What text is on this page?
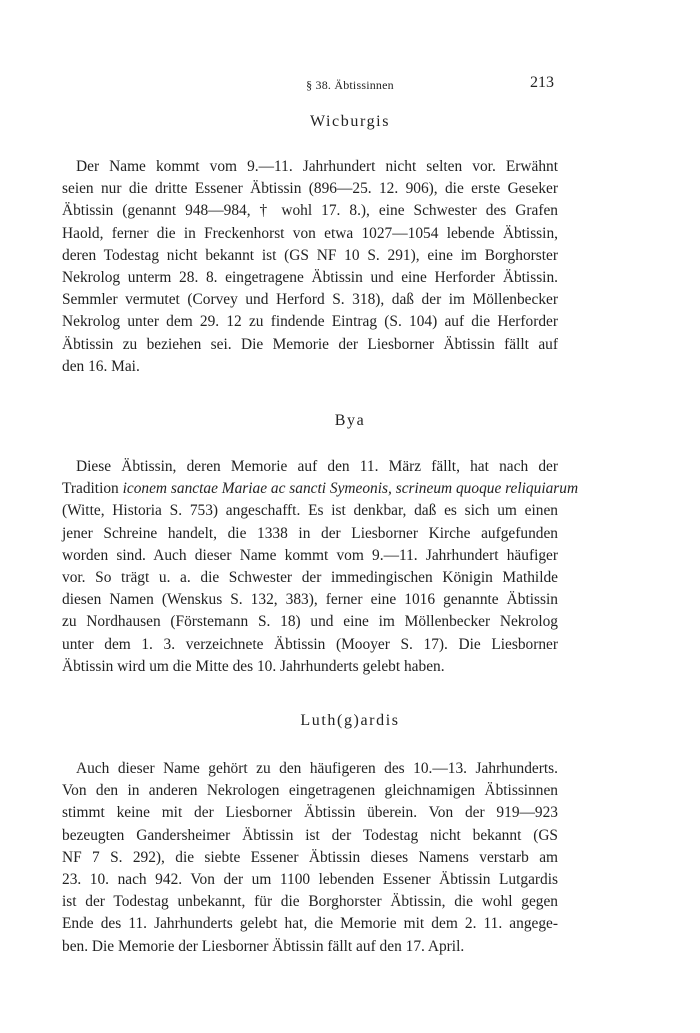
§ 38. Äbtissinnen	213
Wicburgis
Der Name kommt vom 9.—11. Jahrhundert nicht selten vor. Erwähnt
seien nur die dritte Essener Äbtissin (896—25. 12. 906), die erste Geseker
Äbtissin (genannt 948—984, † wohl 17. 8.), eine Schwester des Grafen
Haold, ferner die in Freckenhorst von etwa 1027—1054 lebende Äbtissin,
deren Todestag nicht bekannt ist (GS NF 10 S. 291), eine im Borghorster
Nekrolog unterm 28. 8. eingetragene Äbtissin und eine Herforder Äbtissin.
Semmler vermutet (Corvey und Herford S. 318), daß der im Möllenbecker
Nekrolog unter dem 29. 12 zu findende Eintrag (S. 104) auf die Herforder
Äbtissin zu beziehen sei. Die Memorie der Liesborner Äbtissin fällt auf
den 16. Mai.
Bya
Diese Äbtissin, deren Memorie auf den 11. März fällt, hat nach der
Tradition iconem sanctae Mariae ac sancti Symeonis, scrineum quoque reliquiarum
(Witte, Historia S. 753) angeschafft. Es ist denkbar, daß es sich um einen
jener Schreine handelt, die 1338 in der Liesborner Kirche aufgefunden
worden sind. Auch dieser Name kommt vom 9.—11. Jahrhundert häufiger
vor. So trägt u. a. die Schwester der immedingischen Königin Mathilde
diesen Namen (Wenskus S. 132, 383), ferner eine 1016 genannte Äbtissin
zu Nordhausen (Förstemann S. 18) und eine im Möllenbecker Nekrolog
unter dem 1. 3. verzeichnete Äbtissin (Mooyer S. 17). Die Liesborner
Äbtissin wird um die Mitte des 10. Jahrhunderts gelebt haben.
Luth(g)ardis
Auch dieser Name gehört zu den häufigeren des 10.—13. Jahrhunderts.
Von den in anderen Nekrologen eingetragenen gleichnamigen Äbtissinnen
stimmt keine mit der Liesborner Äbtissin überein. Von der 919—923
bezeugten Gandersheimer Äbtissin ist der Todestag nicht bekannt (GS
NF 7 S. 292), die siebte Essener Äbtissin dieses Namens verstarb am
23. 10. nach 942. Von der um 1100 lebenden Essener Äbtissin Lutgardis
ist der Todestag unbekannt, für die Borghorster Äbtissin, die wohl gegen
Ende des 11. Jahrhunderts gelebt hat, die Memorie mit dem 2. 11. angege-
ben. Die Memorie der Liesborner Äbtissin fällt auf den 17. April.
